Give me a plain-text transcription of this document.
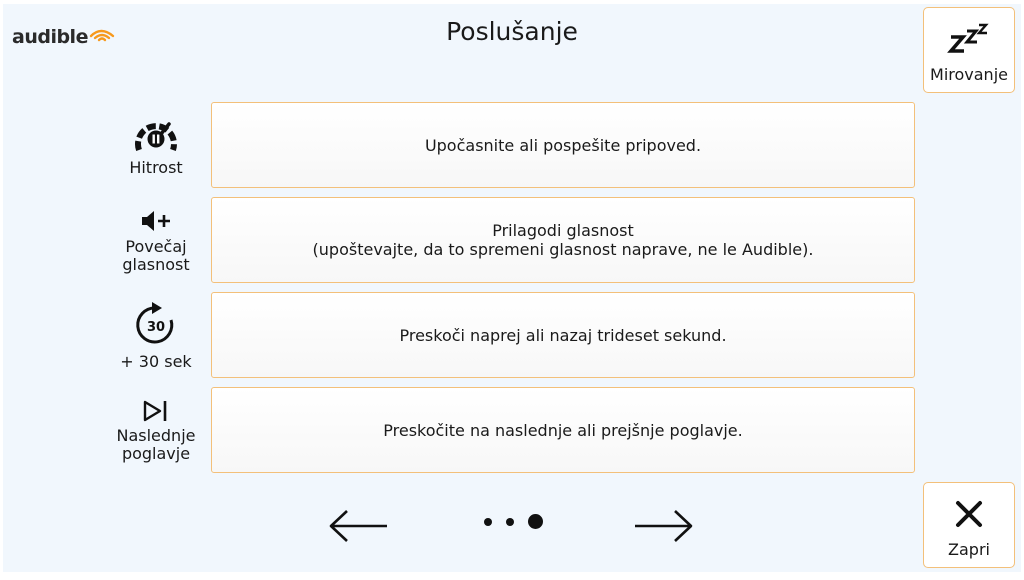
audible	Poslušanje
Mirovanje
Hitrost
Upočasnite ali pospešite pripoved.
Povečaj
glasnost
Prilagodi glasnost
(upoštevajte, da to spremeni glasnost naprave, ne le Audible).
30
+ 30 sek
Preskoči naprej ali nazaj trideset sekund.
Naslednje
poglavje
Preskočite na naslednje ali prejšnje poglavje.
Zapri
